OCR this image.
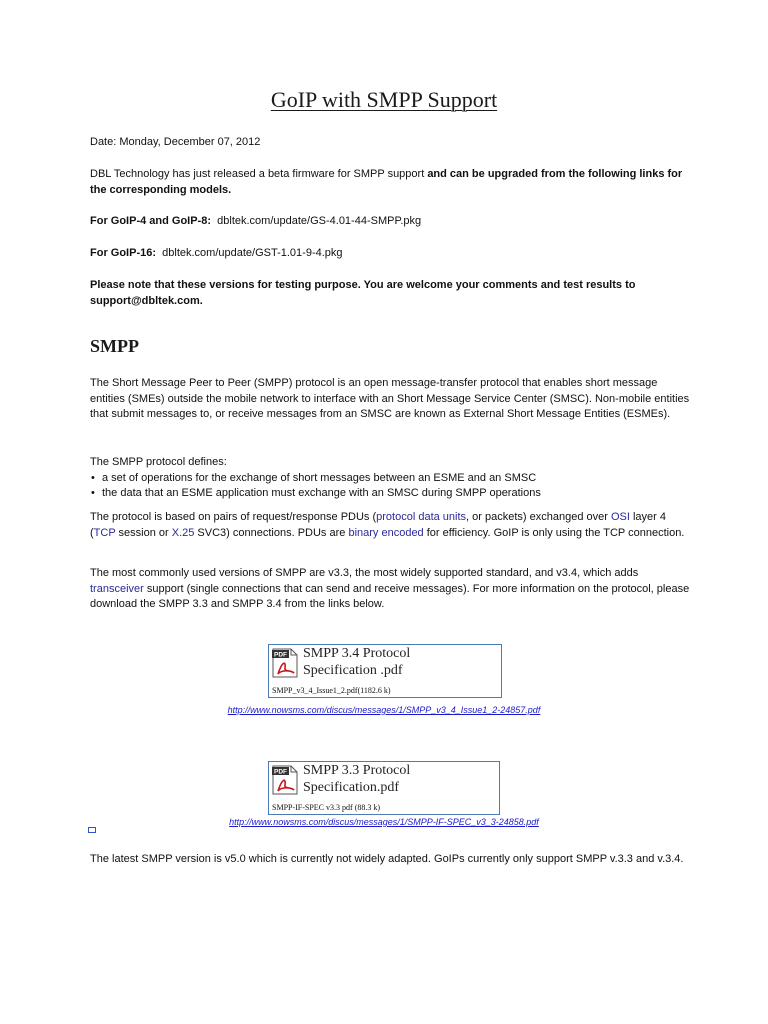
GoIP with SMPP Support
Date: Monday, December 07, 2012
DBL Technology has just released a beta firmware for SMPP support and can be upgraded from the following links for the corresponding models.
For GoIP-4 and GoIP-8: dbltek.com/update/GS-4.01-44-SMPP.pkg
For GoIP-16: dbltek.com/update/GST-1.01-9-4.pkg
Please note that these versions for testing purpose. You are welcome your comments and test results to support@dbltek.com.
SMPP
The Short Message Peer to Peer (SMPP) protocol is an open message-transfer protocol that enables short message entities (SMEs) outside the mobile network to interface with an Short Message Service Center (SMSC). Non-mobile entities that submit messages to, or receive messages from an SMSC are known as External Short Message Entities (ESMEs).
The SMPP protocol defines:
• a set of operations for the exchange of short messages between an ESME and an SMSC
• the data that an ESME application must exchange with an SMSC during SMPP operations
The protocol is based on pairs of request/response PDUs (protocol data units, or packets) exchanged over OSI layer 4 (TCP session or X.25 SVC3) connections. PDUs are binary encoded for efficiency. GoIP is only using the TCP connection.
The most commonly used versions of SMPP are v3.3, the most widely supported standard, and v3.4, which adds transceiver support (single connections that can send and receive messages). For more information on the protocol, please download the SMPP 3.3 and SMPP 3.4 from the links below.
PDF SMPP 3.4 Protocol
Specification .pdf
SMPP_v3_4_Issue1_2.pdf(1182.6 k)
http://www.nowsms.com/discus/messages/1/SMPP_v3_4_Issue1_2-24857.pdf
PDF SMPP 3.3 Protocol
Specification.pdf
SMPP-IF-SPEC v3.3 pdf (88.3 k)
http://www.nowsms.com/discus/messages/1/SMPP-IF-SPEC_v3_3-24858.pdf
The latest SMPP version is v5.0 which is currently not widely adapted. GoIPs currently only support SMPP v.3.3 and v.3.4.
